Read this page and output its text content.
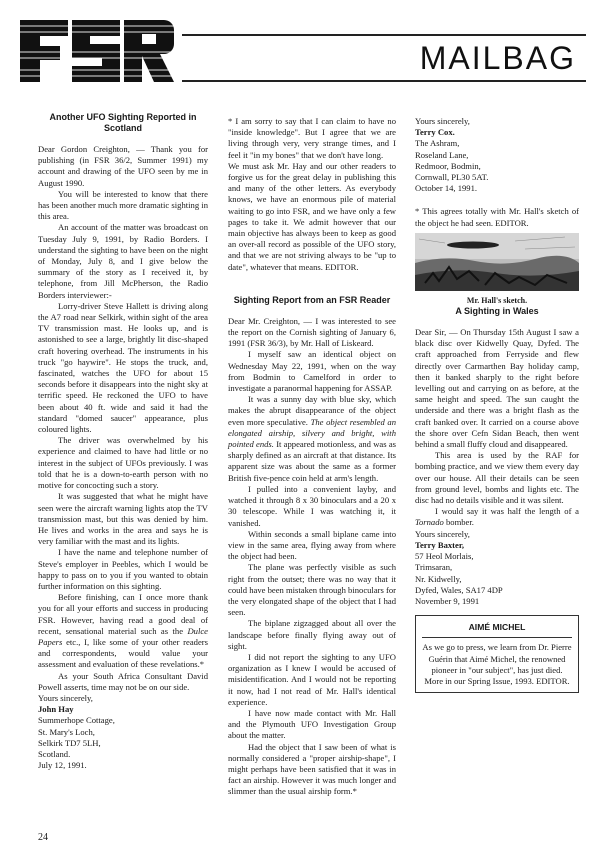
MAILBAG
Another UFO Sighting Reported in Scotland

Dear Gordon Creighton, — Thank you for publishing (in FSR 36/2, Summer 1991) my account and drawing of the UFO seen by me in August 1990.

You will be interested to know that there has been another much more dramatic sighting in this area.

An account of the matter was broadcast on Tuesday July 9, 1991, by Radio Borders. I understand the sighting to have been on the night of Monday, July 8, and I give below the summary of the story as I received it, by telephone, from Jill McPherson, the Radio Borders interviewer:-

Lorry-driver Steve Hallett is driving along the A7 road near Selkirk, within sight of the area TV transmission mast. He looks up, and is astonished to see a large, brightly lit disc-shaped craft hovering overhead. The instruments in his truck "go haywire". He stops the truck, and, fascinated, watches the UFO for about 15 seconds before it disappears into the night sky at terrific speed. He reckoned the UFO to have been about 40 ft. wide and said it had the standard "domed saucer" appearance, plus coloured lights.

The driver was overwhelmed by his experience and claimed to have had little or no interest in the subject of UFOs previously. I was told that he is a down-to-earth person with no motive for concocting such a story.

It was suggested that what he might have seen were the aircraft warning lights atop the TV transmission mast, but this was denied by him. He lives and works in the area and says he is very familiar with the mast and its lights.

I have the name and telephone number of Steve's employer in Peebles, which I would be happy to pass on to you if you wanted to obtain further information on this sighting.

Before finishing, can I once more thank you for all your efforts and success in producing FSR. However, having read a good deal of recent, sensational material such as the Dulce Papers etc., I, like some of your other readers and correspondents, would value your assessment and evaluation of these revelations.*

As your South Africa Consultant David Powell asserts, time may not be on our side.

Yours sincerely,

John Hay

Summerhope Cottage,

St. Mary's Loch,

Selkirk TD7 5LH,

Scotland.

July 12, 1991.

* I am sorry to say that I can claim to have no "inside knowledge". But I agree that we are living through very, very strange times, and I feel it "in my bones" that we don't have long.

We must ask Mr. Hay and our other readers to forgive us for the great delay in publishing this and many of the other letters. As everybody knows, we have an enormous pile of material waiting to go into FSR, and we have only a few pages to take it. We admit however that our main objective has always been to keep as good an over-all record as possible of the UFO story, and that we are not striving always to be "up to date", whatever that means. EDITOR.

Sighting Report from an FSR Reader

Dear Mr. Creighton, — I was interested to see the report on the Cornish sighting of January 6, 1991 (FSR 36/3), by Mr. Hall of Liskeard.

I myself saw an identical object on Wednesday May 22, 1991, when on the way from Bodmin to Camelford in order to investigate a paranormal happening for ASSAP.

It was a sunny day with blue sky, which makes the abrupt disappearance of the object even more speculative. The object resembled an elongated airship, silvery and bright, with pointed ends. It appeared motionless, and was as sharply defined as an aircraft at that distance. Its apparent size was about the same as a former British five-pence coin held at arm's length.

I pulled into a convenient layby, and watched it through 8 x 30 binoculars and a 20 x 30 telescope. While I was watching it, it vanished.

Within seconds a small biplane came into view in the same area, flying away from where the object had been.

The plane was perfectly visible as such right from the outset; there was no way that it could have been mistaken through binoculars for the very elongated shape of the object that I had seen.

The biplane zigzagged about all over the landscape before finally flying away out of sight.

I did not report the sighting to any UFO organization as I knew I would be accused of misidentification. And I would not be reporting it now, had I not read of Mr. Hall's identical experience.

I have now made contact with Mr. Hall and the Plymouth UFO Investigation Group about the matter.

Had the object that I saw been of what is normally considered a "proper airship-shape", I might perhaps have been satisfied that it was in fact an airship. However it was much longer and slimmer than the usual airship form.*

Yours sincerely,

Terry Cox.

The Ashram,

Roseland Lane,

Redmoor, Bodmin,

Cornwall, PL30 5AT.

October 14, 1991.

* This agrees totally with Mr. Hall's sketch of the object he had seen. EDITOR.

Mr. Hall's sketch.

A Sighting in Wales

Dear Sir, — On Thursday 15th August I saw a black disc over Kidwelly Quay, Dyfed. The craft approached from Ferryside and flew directly over Carmarthen Bay holiday camp, then it banked sharply to the right before levelling out and carrying on as before, at the same height and speed. The sun caught the underside and there was a bright flash as the craft banked over. It carried on a course above the shore over Cefn Sidan Beach, then went behind a small fluffy cloud and disappeared.

This area is used by the RAF for bombing practice, and we view them every day over our house. All their details can be seen from ground level, bombs and lights etc. The disc had no details visible and it was silent.

I would say it was half the length of a Tornado bomber.

Yours sincerely,

Terry Baxter,

57 Heol Morlais,

Trimsaran,

Nr. Kidwelly,

Dyfed, Wales, SA17 4DP

November 9, 1991

AIMÉ MICHEL

As we go to press, we learn from Dr. Pierre Guérin that Aimé Michel, the renowned pioneer in "our subject", has just died. More in our Spring Issue, 1993. EDITOR.

24
